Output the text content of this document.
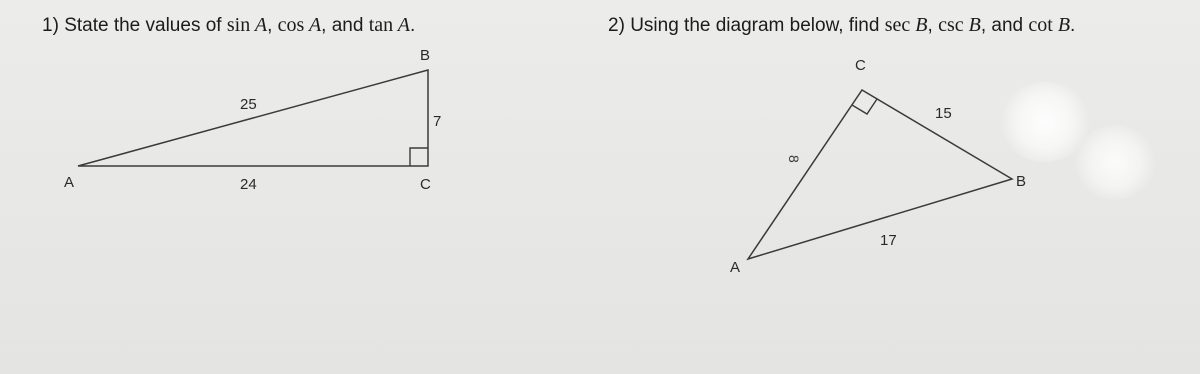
1) State the values of sin A, cos A, and tan A.	2) Using the diagram below, find sec B, csc B, and cot B.
A
B
C
25
7
24
A
B
C
8
15
17
